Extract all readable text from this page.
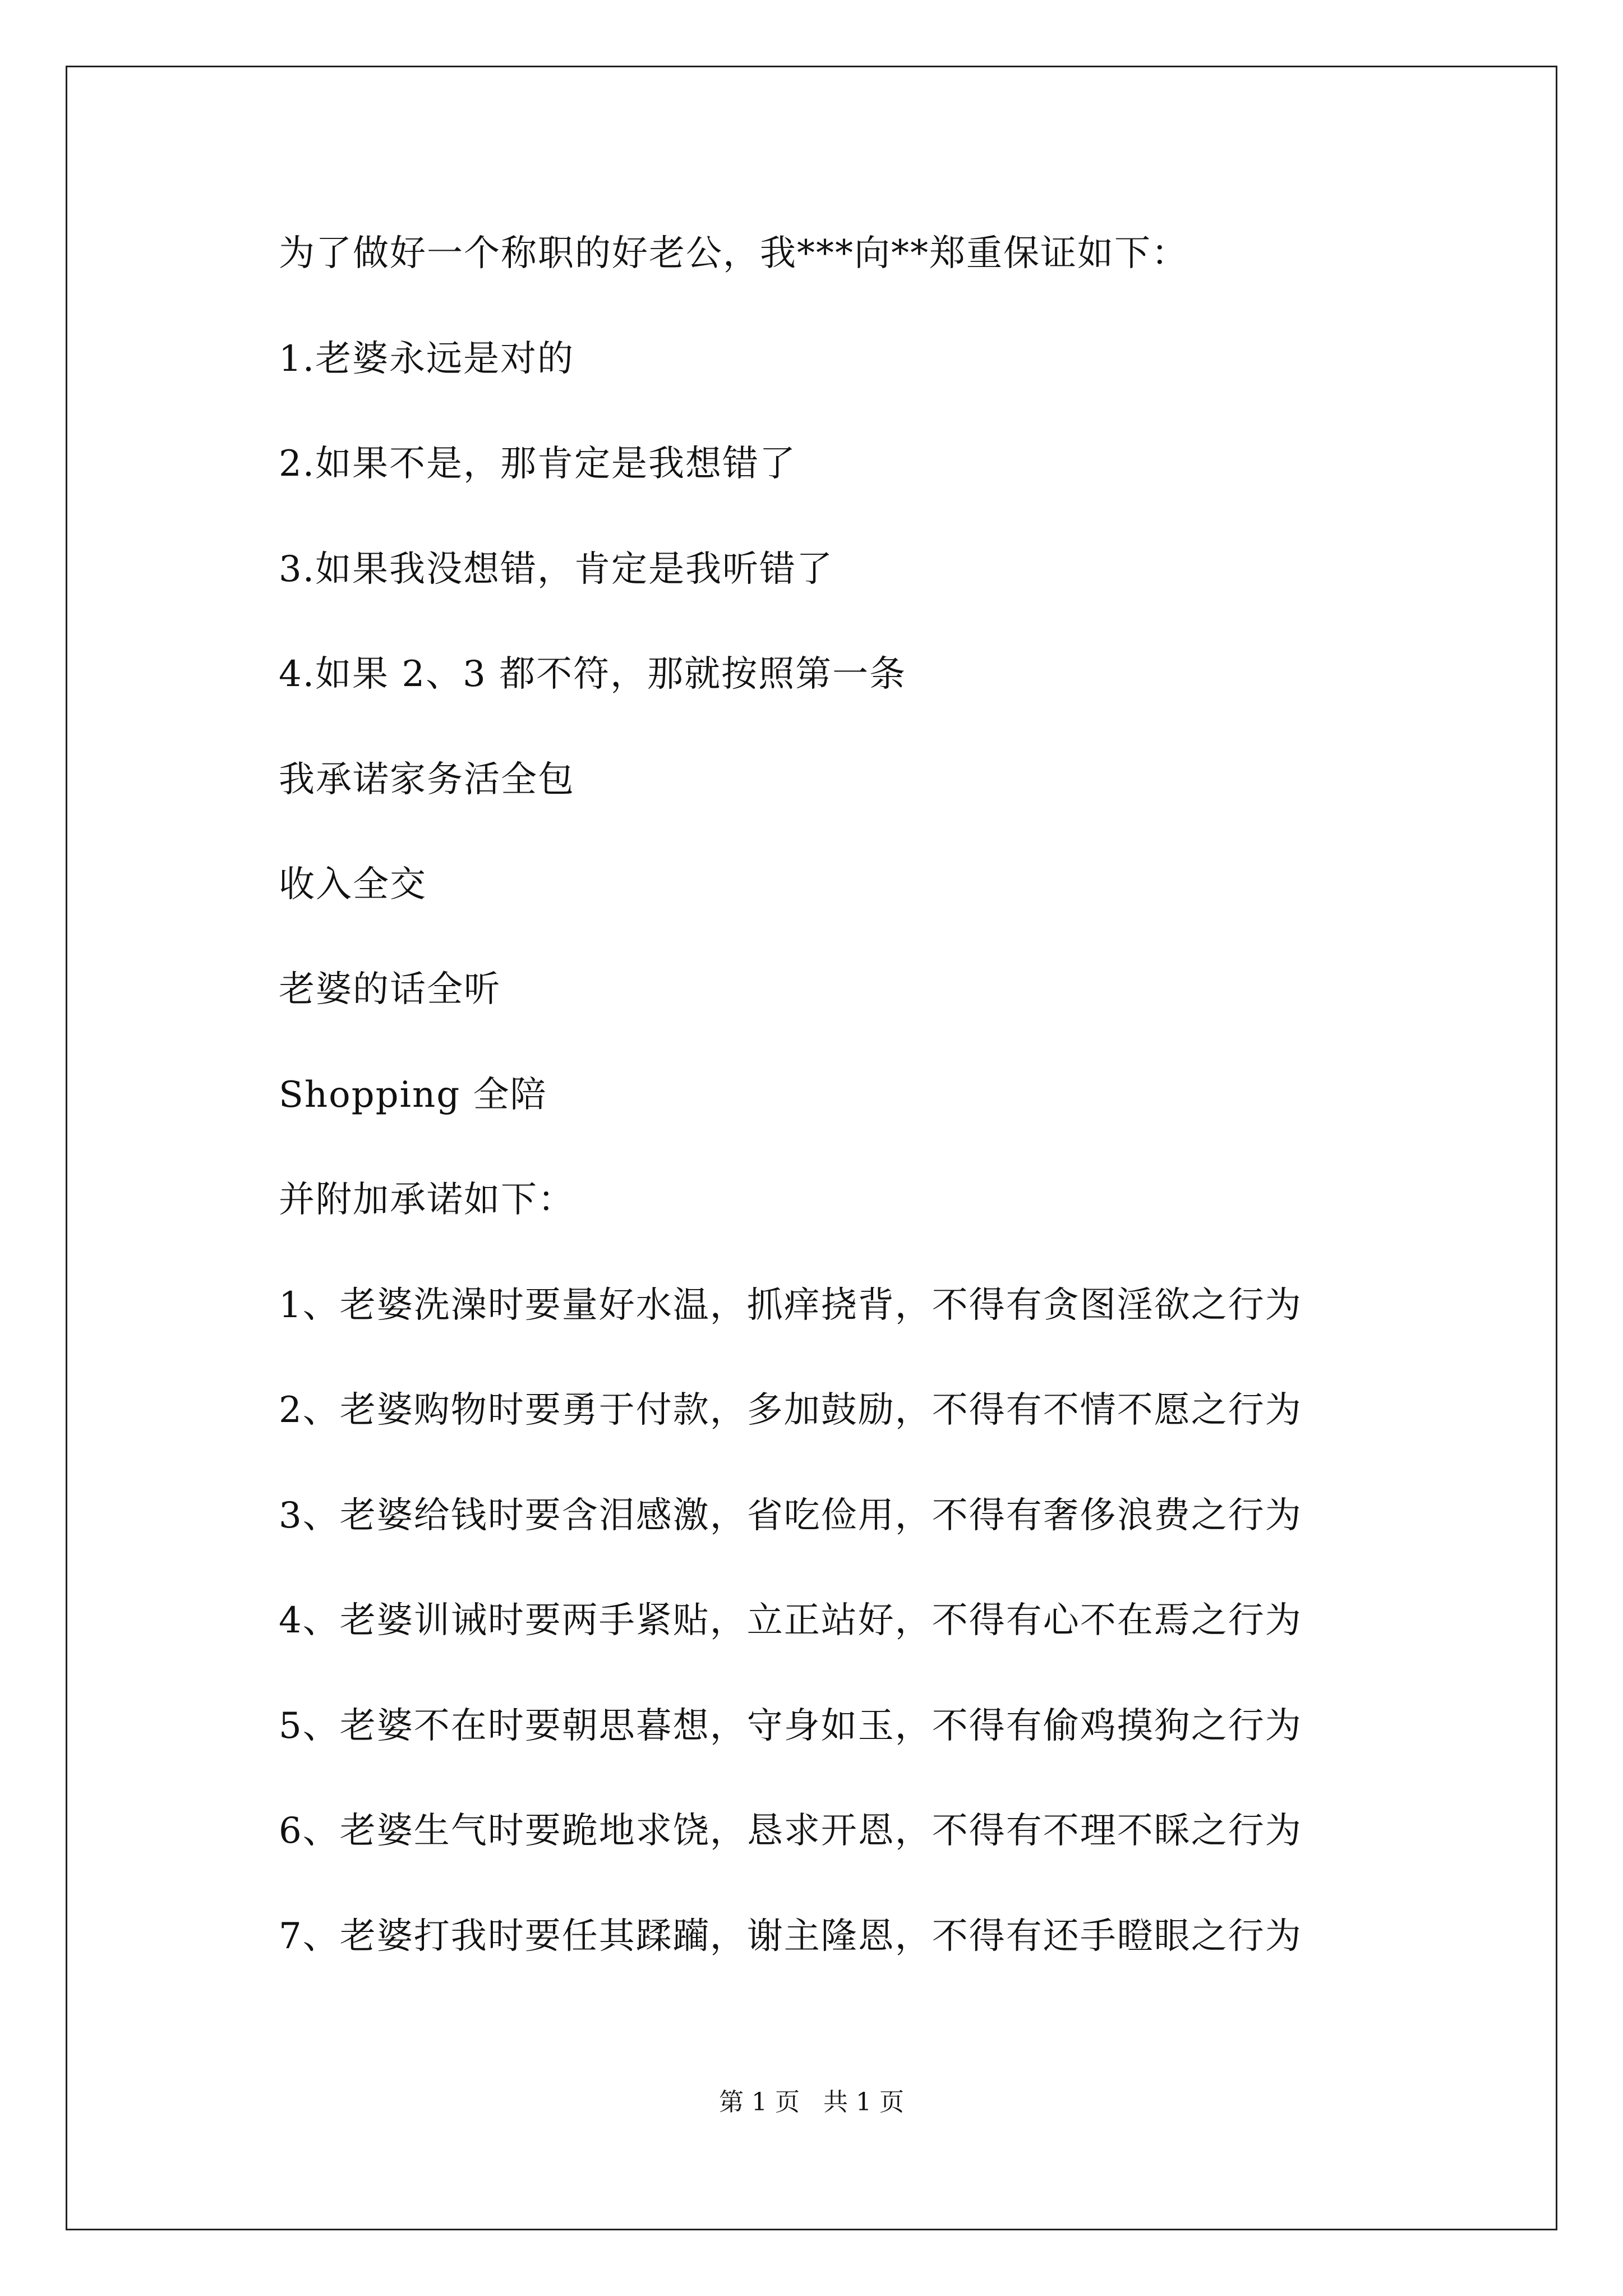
为了做好一个称职的好老公，我***向**郑重保证如下：
1.老婆永远是对的
2.如果不是，那肯定是我想错了
3.如果我没想错，肯定是我听错了
4.如果 2、3 都不符，那就按照第一条
我承诺家务活全包
收入全交
老婆的话全听
Shopping 全陪
并附加承诺如下：
1、老婆洗澡时要量好水温，抓痒挠背，不得有贪图淫欲之行为
2、老婆购物时要勇于付款，多加鼓励，不得有不情不愿之行为
3、老婆给钱时要含泪感激，省吃俭用，不得有奢侈浪费之行为
4、老婆训诫时要两手紧贴，立正站好，不得有心不在焉之行为
5、老婆不在时要朝思暮想，守身如玉，不得有偷鸡摸狗之行为
6、老婆生气时要跪地求饶，恳求开恩，不得有不理不睬之行为
7、老婆打我时要任其蹂躏，谢主隆恩，不得有还手瞪眼之行为
第 1 页   共 1 页
